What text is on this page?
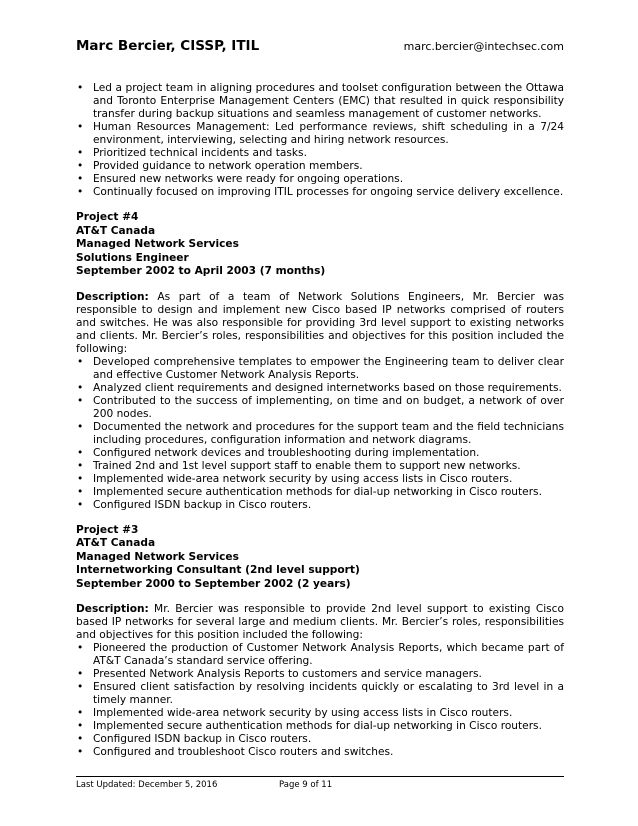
Marc Bercier, CISSP, ITIL	marc.bercier@intechsec.com
• Led a project team in aligning procedures and toolset configuration between the Ottawa and Toronto Enterprise Management Centers (EMC) that resulted in quick responsibility transfer during backup situations and seamless management of customer networks.
• Human Resources Management: Led performance reviews, shift scheduling in a 7/24 environment, interviewing, selecting and hiring network resources.
• Prioritized technical incidents and tasks.
• Provided guidance to network operation members.
• Ensured new networks were ready for ongoing operations.
• Continually focused on improving ITIL processes for ongoing service delivery excellence.
Project #4
AT&T Canada
Managed Network Services
Solutions Engineer
September 2002 to April 2003 (7 months)
Description: As part of a team of Network Solutions Engineers, Mr. Bercier was responsible to design and implement new Cisco based IP networks comprised of routers and switches. He was also responsible for providing 3rd level support to existing networks and clients. Mr. Bercier’s roles, responsibilities and objectives for this position included the following:
• Developed comprehensive templates to empower the Engineering team to deliver clear and effective Customer Network Analysis Reports.
• Analyzed client requirements and designed internetworks based on those requirements.
• Contributed to the success of implementing, on time and on budget, a network of over 200 nodes.
• Documented the network and procedures for the support team and the field technicians including procedures, configuration information and network diagrams.
• Configured network devices and troubleshooting during implementation.
• Trained 2nd and 1st level support staff to enable them to support new networks.
• Implemented wide-area network security by using access lists in Cisco routers.
• Implemented secure authentication methods for dial-up networking in Cisco routers.
• Configured ISDN backup in Cisco routers.
Project #3
AT&T Canada
Managed Network Services
Internetworking Consultant (2nd level support)
September 2000 to September 2002 (2 years)
Description: Mr. Bercier was responsible to provide 2nd level support to existing Cisco based IP networks for several large and medium clients. Mr. Bercier’s roles, responsibilities and objectives for this position included the following:
• Pioneered the production of Customer Network Analysis Reports, which became part of AT&T Canada’s standard service offering.
• Presented Network Analysis Reports to customers and service managers.
• Ensured client satisfaction by resolving incidents quickly or escalating to 3rd level in a timely manner.
• Implemented wide-area network security by using access lists in Cisco routers.
• Implemented secure authentication methods for dial-up networking in Cisco routers.
• Configured ISDN backup in Cisco routers.
• Configured and troubleshoot Cisco routers and switches.
Last Updated: December 5, 2016	Page 9 of 11
